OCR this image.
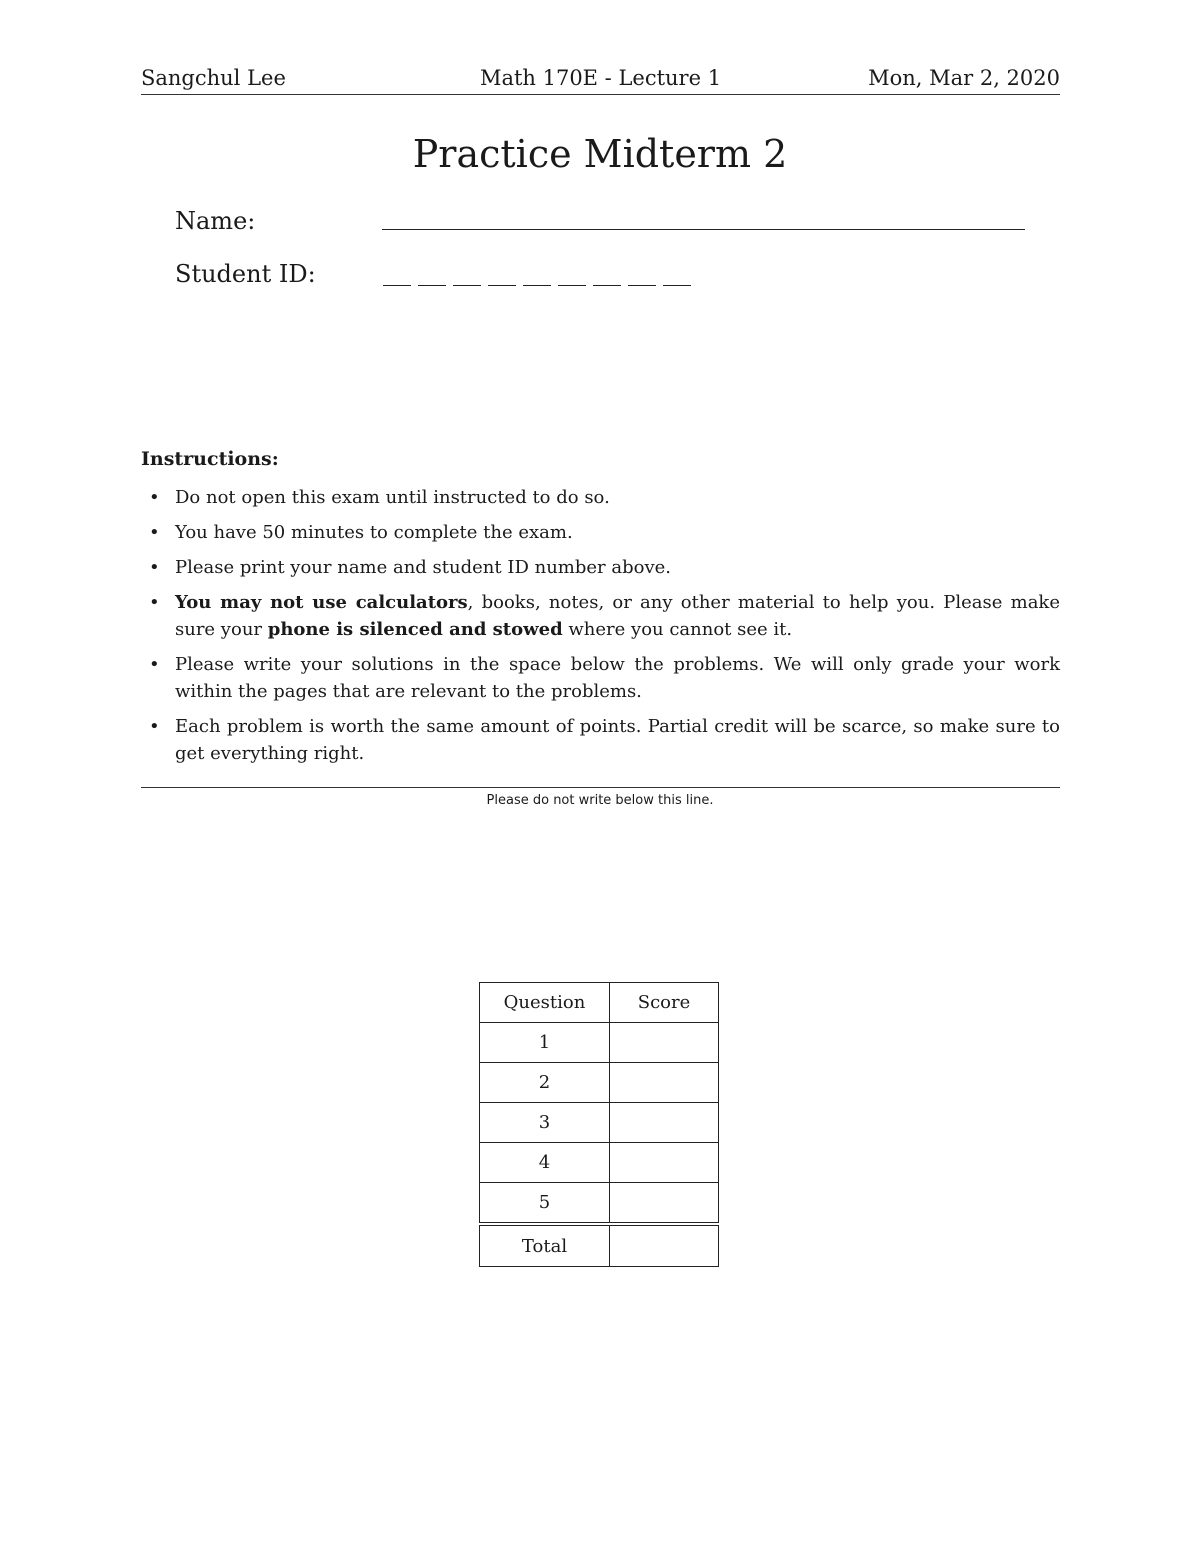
Sangchul Lee	Math 170E - Lecture 1	Mon, Mar 2, 2020
Practice Midterm 2
Name:
Student ID:
Instructions:
• Do not open this exam until instructed to do so.
• You have 50 minutes to complete the exam.
• Please print your name and student ID number above.
• You may not use calculators, books, notes, or any other material to help you. Please make sure your phone is silenced and stowed where you cannot see it.
• Please write your solutions in the space below the problems. We will only grade your work within the pages that are relevant to the problems.
• Each problem is worth the same amount of points. Partial credit will be scarce, so make sure to get everything right.
Please do not write below this line.
Question	Score
1	
2	
3	
4	
5	
Total	
